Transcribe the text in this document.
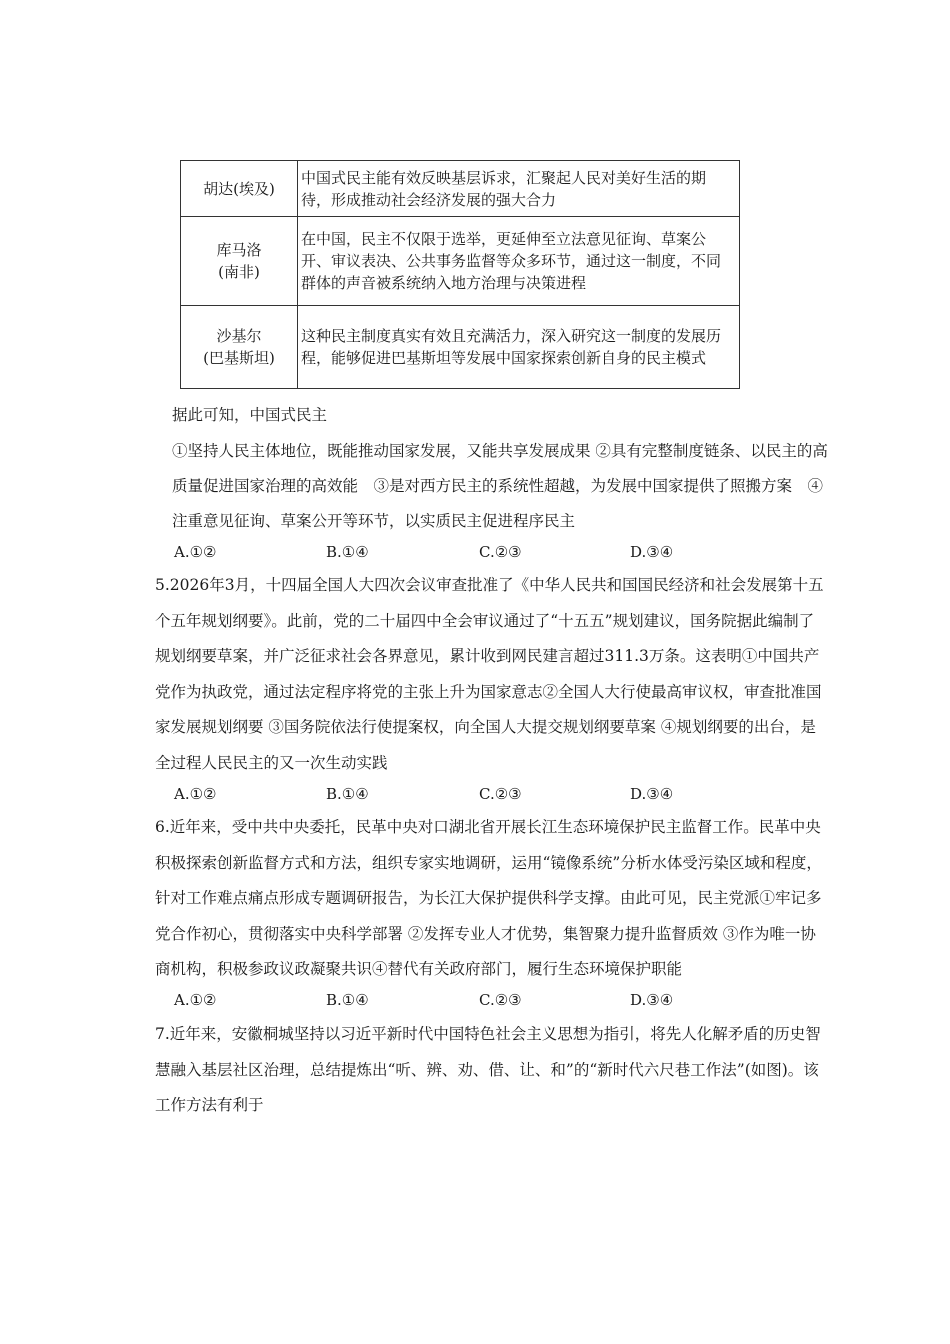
胡达(埃及)	中国式民主能有效反映基层诉求，汇聚起人民对美好生活的期待，形成推动社会经济发展的强大合力

库马洛
(南非)	在中国，民主不仅限于选举，更延伸至立法意见征询、草案公开、审议表决、公共事务监督等众多环节，通过这一制度，不同群体的声音被系统纳入地方治理与决策进程

沙基尔
(巴基斯坦)	这种民主制度真实有效且充满活力，深入研究这一制度的发展历程，能够促进巴基斯坦等发展中国家探索创新自身的民主模式

据此可知，中国式民主

①坚持人民主体地位，既能推动国家发展，又能共享发展成果 ②具有完整制度链条、以民主的高质量促进国家治理的高效能　③是对西方民主的系统性超越，为发展中国家提供了照搬方案　④注重意见征询、草案公开等环节，以实质民主促进程序民主

A.①②	B.①④	C.②③	D.③④

5.2026年3月，十四届全国人大四次会议审查批准了《中华人民共和国国民经济和社会发展第十五个五年规划纲要》。此前，党的二十届四中全会审议通过了“十五五”规划建议，国务院据此编制了规划纲要草案，并广泛征求社会各界意见，累计收到网民建言超过311.3万条。这表明①中国共产党作为执政党，通过法定程序将党的主张上升为国家意志②全国人大行使最高审议权，审查批准国家发展规划纲要 ③国务院依法行使提案权，向全国人大提交规划纲要草案 ④规划纲要的出台，是全过程人民民主的又一次生动实践

A.①②	B.①④	C.②③	D.③④

6.近年来，受中共中央委托，民革中央对口湖北省开展长江生态环境保护民主监督工作。民革中央积极探索创新监督方式和方法，组织专家实地调研，运用“镜像系统”分析水体受污染区域和程度，针对工作难点痛点形成专题调研报告，为长江大保护提供科学支撑。由此可见，民主党派①牢记多党合作初心，贯彻落实中央科学部署 ②发挥专业人才优势，集智聚力提升监督质效 ③作为唯一协商机构，积极参政议政凝聚共识④替代有关政府部门，履行生态环境保护职能

A.①②	B.①④	C.②③	D.③④

7.近年来，安徽桐城坚持以习近平新时代中国特色社会主义思想为指引，将先人化解矛盾的历史智慧融入基层社区治理，总结提炼出“听、辨、劝、借、让、和”的“新时代六尺巷工作法”(如图)。该工作方法有利于
